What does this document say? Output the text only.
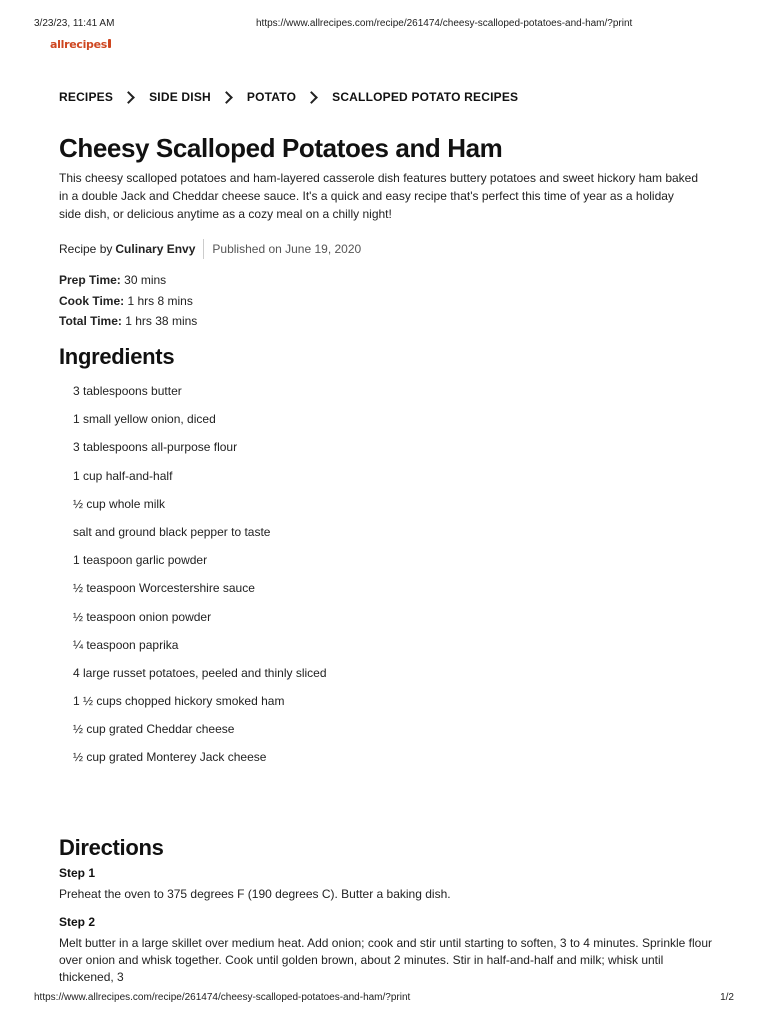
3/23/23, 11:41 AM	https://www.allrecipes.com/recipe/261474/cheesy-scalloped-potatoes-and-ham/?print
allrecipes
RECIPES	SIDE DISH	POTATO	SCALLOPED POTATO RECIPES
Cheesy Scalloped Potatoes and Ham

This cheesy scalloped potatoes and ham-layered casserole dish features buttery potatoes and sweet hickory ham baked in a double Jack and Cheddar cheese sauce. It's a quick and easy recipe that's perfect this time of year as a holiday side dish, or delicious anytime as a cozy meal on a chilly night!

Recipe by Culinary Envy Published on June 19, 2020
Prep Time: 30 mins
Cook Time: 1 hrs 8 mins
Total Time: 1 hrs 38 mins
Ingredients
3 tablespoons butter
1 small yellow onion, diced
3 tablespoons all-purpose flour
1 cup half-and-half
½ cup whole milk
salt and ground black pepper to taste
1 teaspoon garlic powder
½ teaspoon Worcestershire sauce
½ teaspoon onion powder
¼ teaspoon paprika
4 large russet potatoes, peeled and thinly sliced
1 ½ cups chopped hickory smoked ham
½ cup grated Cheddar cheese
½ cup grated Monterey Jack cheese
Directions
Step 1
Preheat the oven to 375 degrees F (190 degrees C). Butter a baking dish.
Step 2
Melt butter in a large skillet over medium heat. Add onion; cook and stir until starting to soften, 3 to 4 minutes. Sprinkle flour over onion and whisk together. Cook until golden brown, about 2 minutes. Stir in half-and-half and milk; whisk until thickened, 3
https://www.allrecipes.com/recipe/261474/cheesy-scalloped-potatoes-and-ham/?print	1/2
